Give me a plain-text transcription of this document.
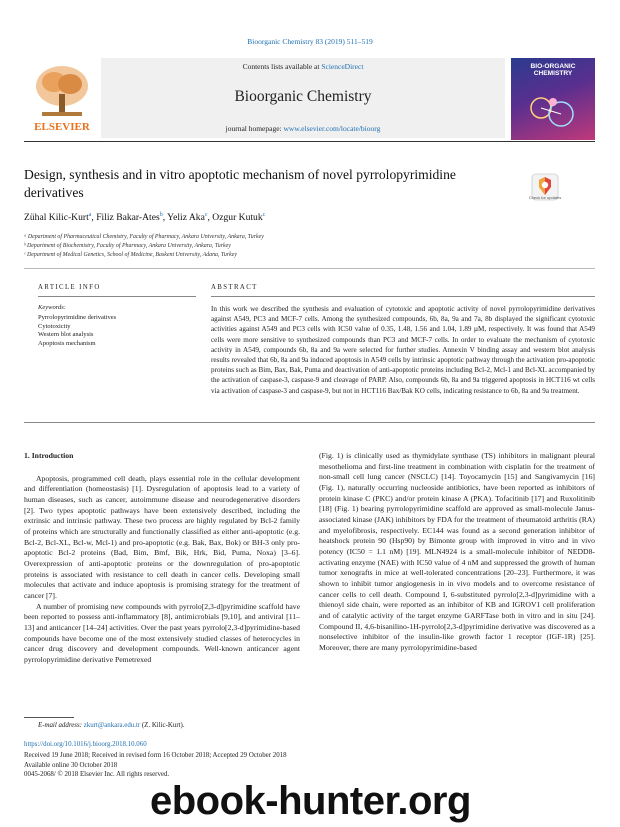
Bioorganic Chemistry 83 (2019) 511–519
ELSEVIER
Contents lists available at ScienceDirect
Bioorganic Chemistry
journal homepage: www.elsevier.com/locate/bioorg
BIO-ORGANIC CHEMISTRY
Design, synthesis and in vitro apoptotic mechanism of novel pyrrolopyrimidine derivatives	Check for updates
Zühal Kilic-Kurt$^a$, Filiz Bakar-Ates$^b$, Yeliz Aka$^c$, Ozgur Kutuk$^c$
ᵃ Department of Pharmaceutical Chemistry, Faculty of Pharmacy, Ankara University, Ankara, Turkey
ᵇ Department of Biochemistry, Faculty of Pharmacy, Ankara University, Ankara, Turkey
ᶜ Department of Medical Genetics, School of Medicine, Baskent University, Adana, Turkey
ARTICLE INFO	ABSTRACT
Keywords:
Pyrrolopyrimidine derivatives
Cytotoxicity
Western blot analysis
Apoptosis mechanism
In this work we described the synthesis and evaluation of cytotoxic and apoptotic activity of novel pyrrolopyrimidine derivatives against A549, PC3 and MCF-7 cells. Among the synthesized compounds, 6b, 8a, 9a and 7a, 8b displayed the significant cytotoxic activities against A549 and PC3 cells with IC50 value of 0.35, 1.48, 1.56 and 1.04, 1.89 µM, respectively. It was found that A549 cells were more sensitive to synthesized compounds than PC3 and MCF-7 cells. In order to evaluate the mechanism of cytotoxic activity in A549, compounds 6b, 8a and 9a were selected for further studies. Annexin V binding assay and western blot analysis results revealed that 6b, 8a and 9a induced apoptosis in A549 cells by intrinsic apoptotic pathway through the activation pro-apoptotic proteins such as Bim, Bax, Bak, Puma and deactivation of anti-apoptotic proteins including Bcl-2, Mcl-1 and Bcl-XL accompanied by the activation of caspase-3, caspase-9 and cleavage of PARP. Also, compounds 6b, 8a and 9a triggered apoptosis in HCT116 wt cells via activation of caspase-3 and caspase-9, but not in HCT116 Bax/Bak KO cells, indicating resistance to 6b, 8a and 9a treatment.

1. Introduction

Apoptosis, programmed cell death, plays essential role in the cellular development and differentiation (homeostasis) [1]. Dysregulation of apoptosis lead to a variety of human diseases, such as cancer, autoimmune disease and neurodegenerative disorders [2]. Two types apoptotic pathways have been extensively described, including the extrinsic and intrinsic pathway. These two process are highly regulated by Bcl-2 family of proteins which are structurally and functionally classified as either anti-apoptotic (e.g. Bcl-2, Bcl-XL, Bcl-w, Mcl-1) and pro-apoptotic (e.g. Bak, Bax, Bok) or BH-3 only pro-apoptotic Bcl-2 proteins (Bad, Bim, Bmf, Bik, Hrk, Bid, Puma, Noxa) [3–6]. Overexpression of anti-apoptotic proteins or the downregulation of pro-apoptotic proteins is associated with resistance to cell death in cancer cells. Developing small molecules that activate and induce apoptosis is promising strategy for the treatment of cancer [7].

A number of promising new compounds with pyrrolo[2,3-d]pyrimidine scaffold have been reported to possess anti-inflammatory [8], antimicrobials [9,10], and antiviral [11–13] and anticancer [14–24] activities. Over the past years pyrrolo[2,3-d]pyrimidine-based compounds have become one of the most extensively studied classes of heterocycles in cancer drug discovery and development compounds. Well-known anticancer agent pyrrolopyrimidine derivative Pemetrexed

(Fig. 1) is clinically used as thymidylate synthase (TS) inhibitors in malignant pleural mesothelioma and first-line treatment in combination with cisplatin for the treatment of non-small cell lung cancer (NSCLC) [14]. Toyocamycin [15] and Sangivamycin [16] (Fig. 1), naturally occurring nucleoside antibiotics, have been reported as inhibitors of protein kinase C (PKC) and/or protein kinase A (PKA). Tofacitinib [17] and Ruxolitinib [18] (Fig. 1) bearing pyrrolopyrimidine scaffold are approved as small-molecule Janus-associated kinase (JAK) inhibitors by FDA for the treatment of rheumatoid arthritis (RA) and myelofibrosis, respectively. EC144 was found as a second generation inhibitor of heatshock protein 90 (Hsp90) by Bimonte group with improved in vitro and in vivo potency (IC50 = 1.1 nM) [19]. MLN4924 is a small-molecule inhibitor of NEDD8-activating enzyme (NAE) with IC50 value of 4 nM and suppressed the growth of human tumor xenografts in mice at well-tolerated concentrations [20–23]. Furthermore, it was shown to inhibit tumor angiogenesis in in vivo models and to overcome resistance of cancer cells to cell death. Compound I, 6-substituted pyrrolo[2,3-d]pyrimidine with a thienoyl side chain, were reported as an inhibitor of KB and IGROV1 cell proliferation and of catalytic activity of the target enzyme GARFTase both in vitro and in situ [24]. Compound II, 4,6-bisanilino-1H-pyrrolo[2,3-d]pyrimidine derivative was discovered as a nonselective inhibitor of the insulin-like growth factor 1 receptor (IGF-1R) [25]. Moreover, there are many pyrrolopyrimidine-based

E-mail address: zkurt@ankara.edu.tr (Z. Kilic-Kurt).
https://doi.org/10.1016/j.bioorg.2018.10.060
Received 19 June 2018; Received in revised form 16 October 2018; Accepted 29 October 2018
Available online 30 October 2018
0045-2068/ © 2018 Elsevier Inc. All rights reserved.
ebook-hunter.org
